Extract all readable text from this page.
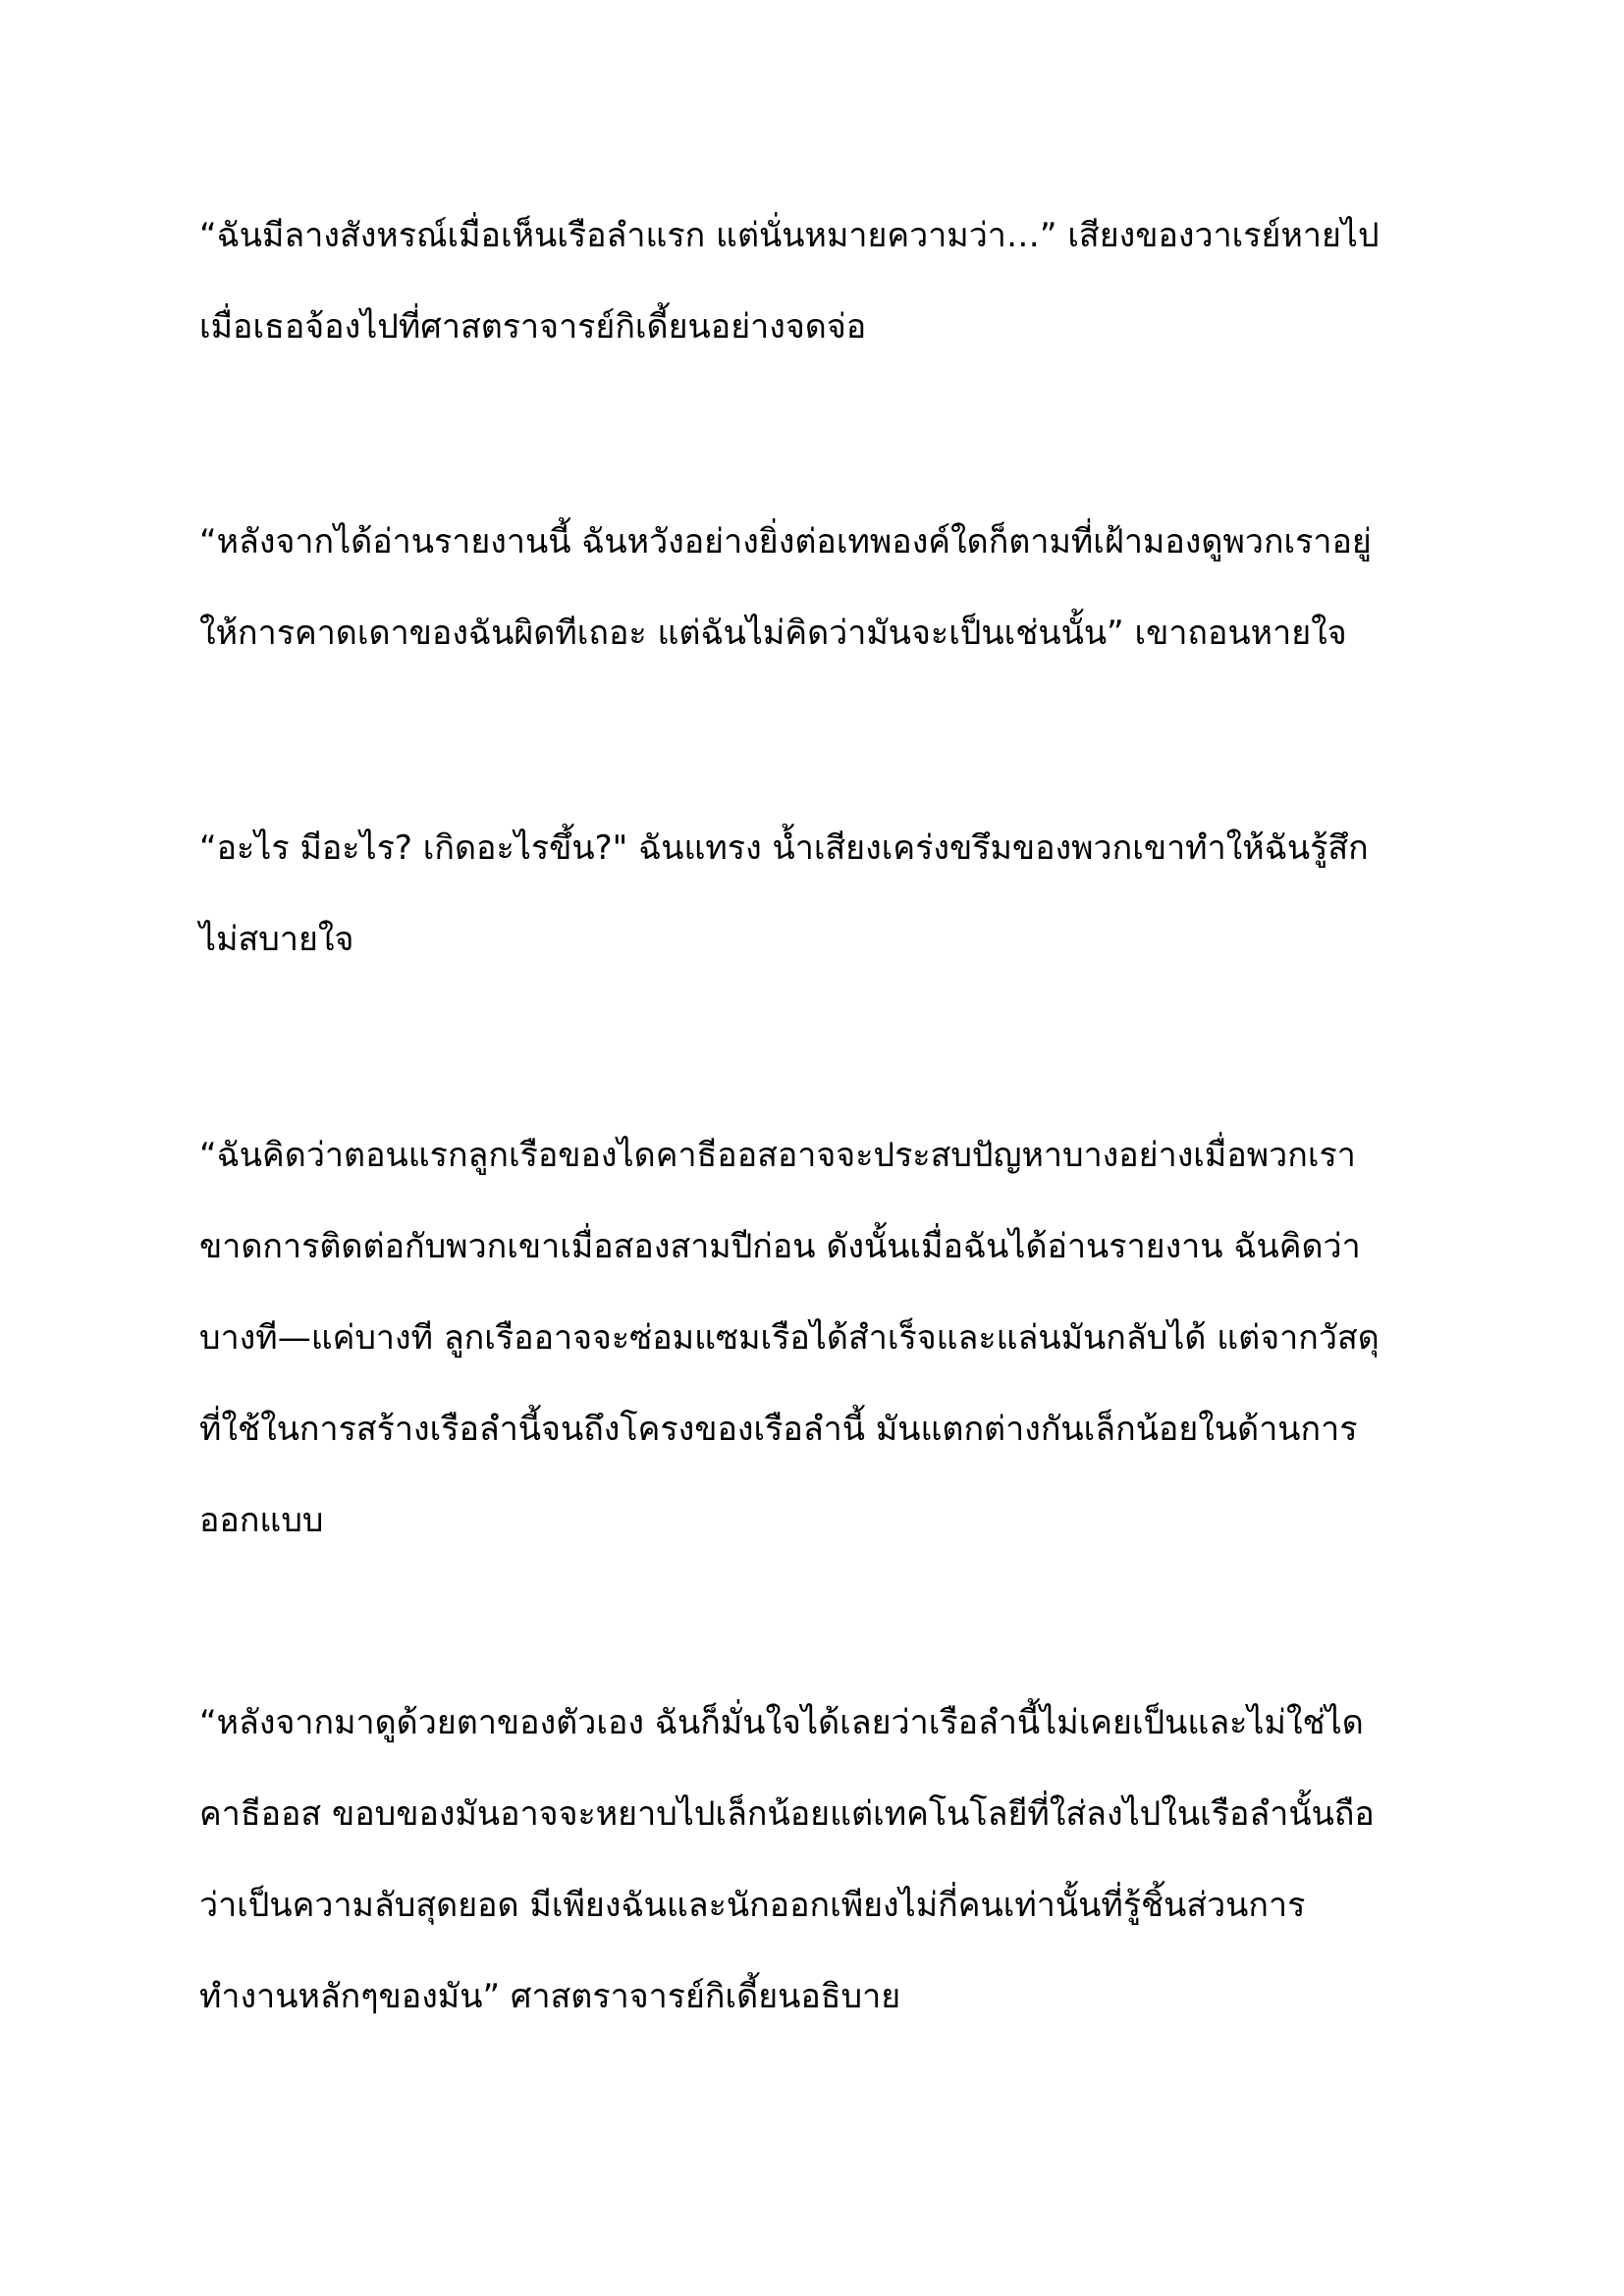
“ฉันมีลางสังหรณ์เมื่อเห็นเรือลำแรก แต่นั่นหมายความว่า…” เสียงของวาเรย์หายไป
เมื่อเธอจ้องไปที่ศาสตราจารย์กิเดี้ยนอย่างจดจ่อ

“หลังจากได้อ่านรายงานนี้ ฉันหวังอย่างยิ่งต่อเทพองค์ใดก็ตามที่เฝ้ามองดูพวกเราอยู่
ให้การคาดเดาของฉันผิดทีเถอะ แต่ฉันไม่คิดว่ามันจะเป็นเช่นนั้น” เขาถอนหายใจ

“อะไร มีอะไร? เกิดอะไรขึ้น?" ฉันแทรง น้ำเสียงเคร่งขรึมของพวกเขาทำให้ฉันรู้สึก
ไม่สบายใจ

“ฉันคิดว่าตอนแรกลูกเรือของไดคาธีออสอาจจะประสบปัญหาบางอย่างเมื่อพวกเรา
ขาดการติดต่อกับพวกเขาเมื่อสองสามปีก่อน ดังนั้นเมื่อฉันได้อ่านรายงาน ฉันคิดว่า
บางที—แค่บางที ลูกเรืออาจจะซ่อมแซมเรือได้สำเร็จและแล่นมันกลับได้ แต่จากวัสดุ
ที่ใช้ในการสร้างเรือลำนี้จนถึงโครงของเรือลำนี้ มันแตกต่างกันเล็กน้อยในด้านการ
ออกแบบ

“หลังจากมาดูด้วยตาของตัวเอง ฉันก็มั่นใจได้เลยว่าเรือลำนี้ไม่เคยเป็นและไม่ใช่ได
คาธีออส ขอบของมันอาจจะหยาบไปเล็กน้อยแต่เทคโนโลยีที่ใส่ลงไปในเรือลำนั้นถือ
ว่าเป็นความลับสุดยอด มีเพียงฉันและนักออกเพียงไม่กี่คนเท่านั้นที่รู้ชิ้นส่วนการ
ทำงานหลักๆของมัน” ศาสตราจารย์กิเดี้ยนอธิบาย
